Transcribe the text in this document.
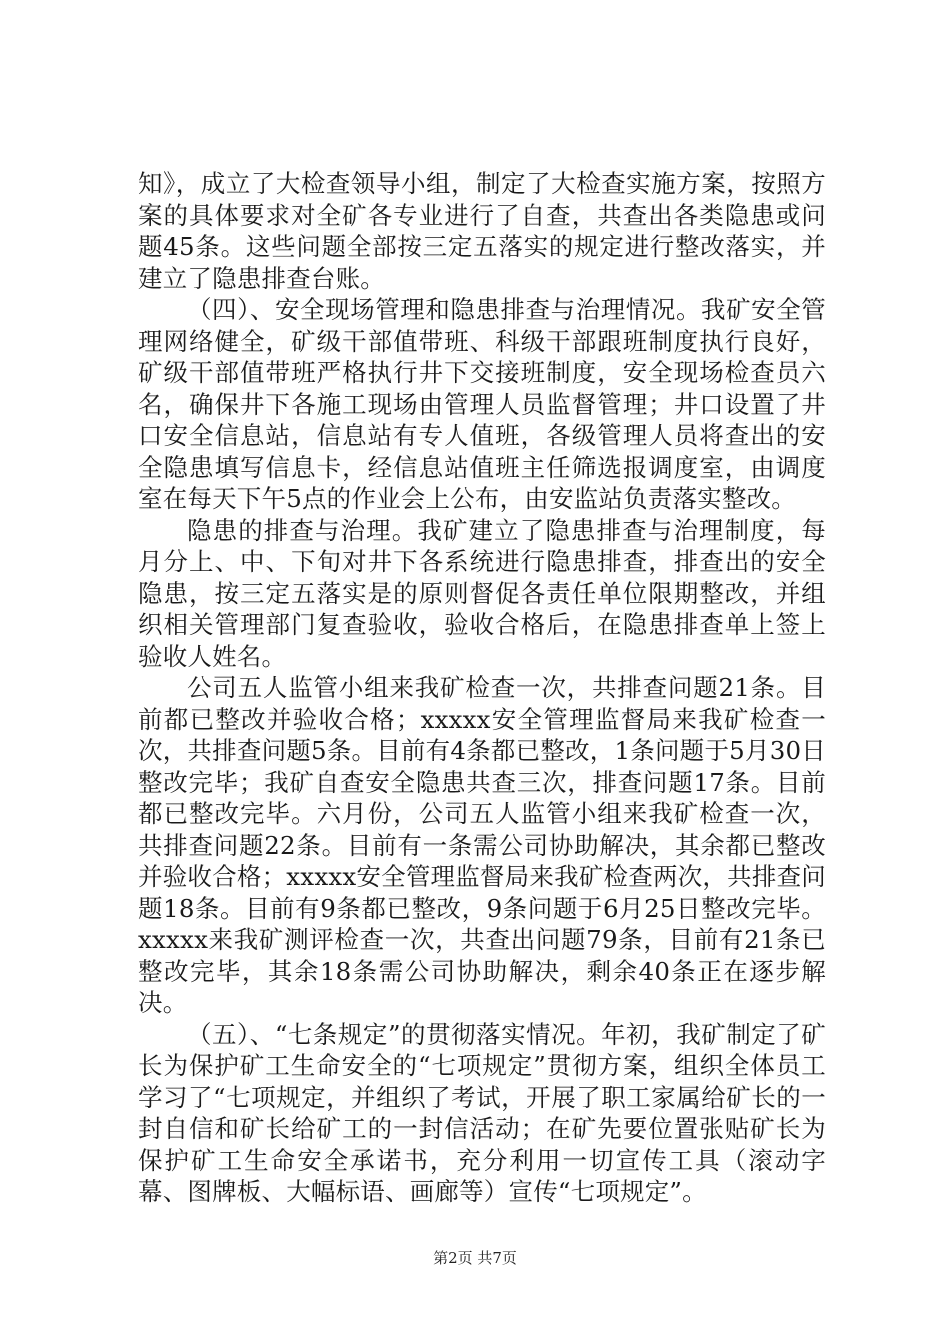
知》，成立了大检查领导小组，制定了大检查实施方案，按照方案的具体要求对全矿各专业进行了自查，共查出各类隐患或问题45条。这些问题全部按三定五落实的规定进行整改落实，并建立了隐患排查台账。

（四）、安全现场管理和隐患排查与治理情况。我矿安全管理网络健全，矿级干部值带班、科级干部跟班制度执行良好，矿级干部值带班严格执行井下交接班制度，安全现场检查员六名，确保井下各施工现场由管理人员监督管理；井口设置了井口安全信息站，信息站有专人值班，各级管理人员将查出的安全隐患填写信息卡，经信息站值班主任筛选报调度室，由调度室在每天下午5点的作业会上公布，由安监站负责落实整改。

隐患的排查与治理。我矿建立了隐患排查与治理制度，每月分上、中、下旬对井下各系统进行隐患排查，排查出的安全隐患，按三定五落实是的原则督促各责任单位限期整改，并组织相关管理部门复查验收，验收合格后，在隐患排查单上签上验收人姓名。

公司五人监管小组来我矿检查一次，共排查问题21条。目前都已整改并验收合格；xxxxx安全管理监督局来我矿检查一次，共排查问题5条。目前有4条都已整改，1条问题于5月30日整改完毕；我矿自查安全隐患共查三次，排查问题17条。目前都已整改完毕。六月份，公司五人监管小组来我矿检查一次，共排查问题22条。目前有一条需公司协助解决，其余都已整改并验收合格；xxxxx安全管理监督局来我矿检查两次，共排查问题18条。目前有9条都已整改，9条问题于6月25日整改完毕。xxxxx来我矿测评检查一次，共查出问题79条，目前有21条已整改完毕，其余18条需公司协助解决，剩余40条正在逐步解决。

（五）、“七条规定”的贯彻落实情况。年初，我矿制定了矿长为保护矿工生命安全的“七项规定”贯彻方案，组织全体员工学习了“七项规定，并组织了考试，开展了职工家属给矿长的一封自信和矿长给矿工的一封信活动；在矿先要位置张贴矿长为保护矿工生命安全承诺书，充分利用一切宣传工具（滚动字幕、图牌板、大幅标语、画廊等）宣传“七项规定”。

第2页 共7页
